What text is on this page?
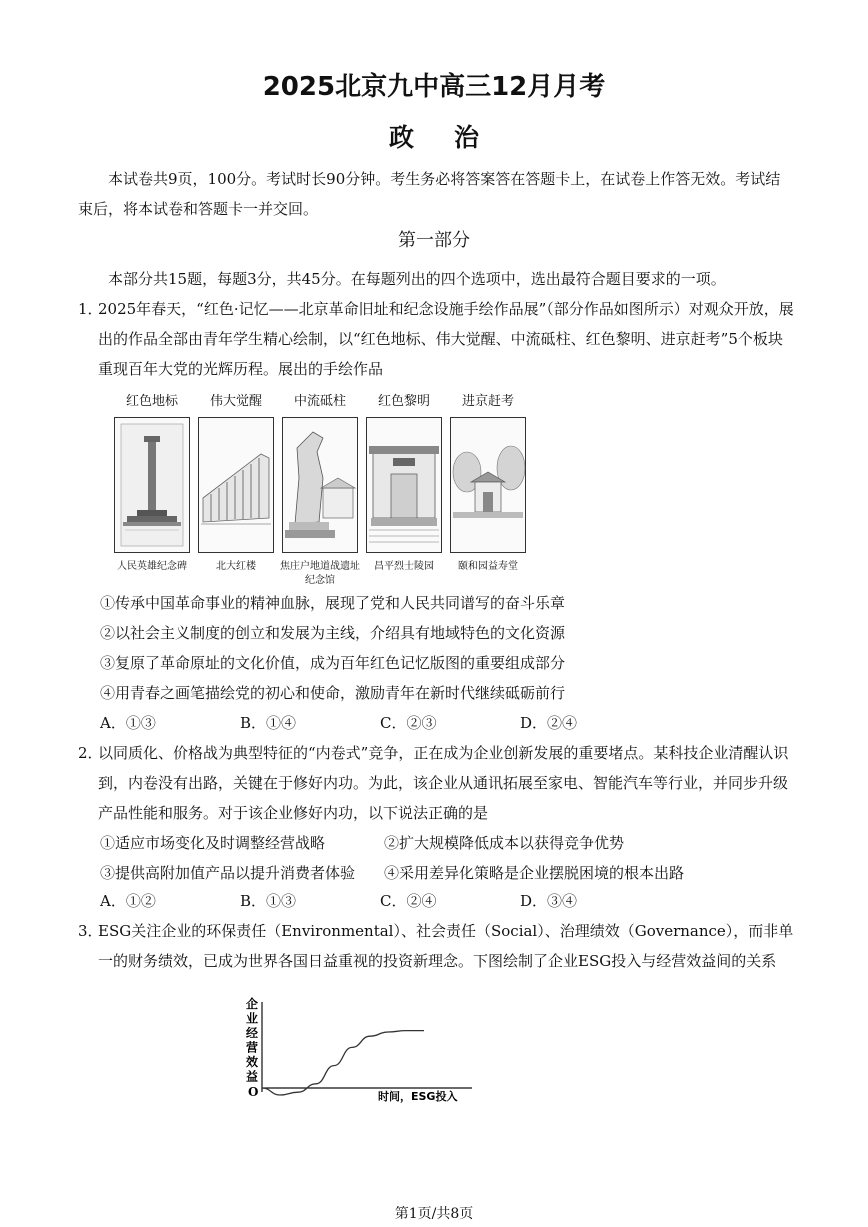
2025北京九中高三12月月考
政治
本试卷共9页，100分。考试时长90分钟。考生务必将答案答在答题卡上，在试卷上作答无效。考试结束后，将本试卷和答题卡一并交回。
第一部分
本部分共15题，每题3分，共45分。在每题列出的四个选项中，选出最符合题目要求的一项。
1．
2025年春天，“红色·记忆——北京革命旧址和纪念设施手绘作品展”（部分作品如图所示）对观众开放，展出的作品全部由青年学生精心绘制，以“红色地标、伟大觉醒、中流砥柱、红色黎明、进京赶考”5个板块重现百年大党的光辉历程。展出的手绘作品
红色地标
人民英雄纪念碑
伟大觉醒
北大红楼
中流砥柱
焦庄户地道战遗址纪念馆
红色黎明
昌平烈士陵园
进京赶考
颐和园益寿堂
①传承中国革命事业的精神血脉，展现了党和人民共同谱写的奋斗乐章
②以社会主义制度的创立和发展为主线，介绍具有地域特色的文化资源
③复原了革命原址的文化价值，成为百年红色记忆版图的重要组成部分
④用青春之画笔描绘党的初心和使命，激励青年在新时代继续砥砺前行
A．①③	B．①④	C．②③	D．②④
2．
以同质化、价格战为典型特征的“内卷式”竞争，正在成为企业创新发展的重要堵点。某科技企业清醒认识到，内卷没有出路，关键在于修好内功。为此，该企业从通讯拓展至家电、智能汽车等行业，并同步升级产品性能和服务。对于该企业修好内功，以下说法正确的是
①适应市场变化及时调整经营战略	②扩大规模降低成本以获得竞争优势
③提供高附加值产品以提升消费者体验 ④采用差异化策略是企业摆脱困境的根本出路
A．①②	B．①③	C．②④	D．③④
3．
ESG关注企业的环保责任（Environmental）、社会责任（Social）、治理绩效（Governance），而非单一的财务绩效，已成为世界各国日益重视的投资新理念。下图绘制了企业ESG投入与经营效益间的关系
企
业
经
营
效
益
O	时间，ESG投入
第1页/共8页
